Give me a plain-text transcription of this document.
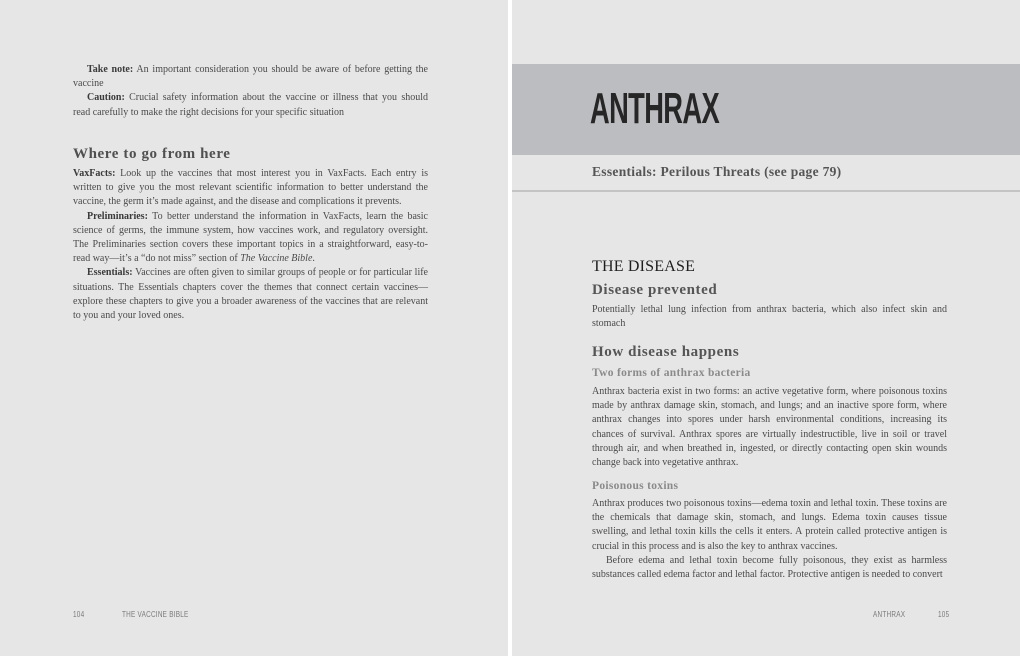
Take note: An important consideration you should be aware of before getting the vaccine

Caution: Crucial safety information about the vaccine or illness that you should read carefully to make the right decisions for your specific situation

Where to go from here

VaxFacts: Look up the vaccines that most interest you in VaxFacts. Each entry is written to give you the most relevant scientific information to better understand the vaccine, the germ it’s made against, and the disease and complications it prevents.

Preliminaries: To better understand the information in VaxFacts, learn the basic science of germs, the immune system, how vaccines work, and regulatory oversight. The Preliminaries section covers these important topics in a straightforward, easy-to-read way—it’s a “do not miss” section of The Vaccine Bible.

Essentials: Vaccines are often given to similar groups of people or for particular life situations. The Essentials chapters cover the themes that connect certain vaccines—explore these chapters to give you a broader awareness of the vaccines that are relevant to you and your loved ones.

104	THE VACCINE BIBLE
ANTHRAX
Essentials: Perilous Threats (see page 79)
THE DISEASE
Disease prevented

Potentially lethal lung infection from anthrax bacteria, which also infect skin and stomach

How disease happens
Two forms of anthrax bacteria

Anthrax bacteria exist in two forms: an active vegetative form, where poisonous toxins made by anthrax damage skin, stomach, and lungs; and an inactive spore form, where anthrax changes into spores under harsh environmental conditions, increasing its chances of survival. Anthrax spores are virtually indestructible, live in soil or travel through air, and when breathed in, ingested, or directly contacting open skin wounds change back into vegetative anthrax.

Poisonous toxins

Anthrax produces two poisonous toxins—edema toxin and lethal toxin. These toxins are the chemicals that damage skin, stomach, and lungs. Edema toxin causes tissue swelling, and lethal toxin kills the cells it enters. A protein called protective antigen is crucial in this process and is also the key to anthrax vaccines.

Before edema and lethal toxin become fully poisonous, they exist as harmless substances called edema factor and lethal factor. Protective antigen is needed to convert

ANTHRAX	105
